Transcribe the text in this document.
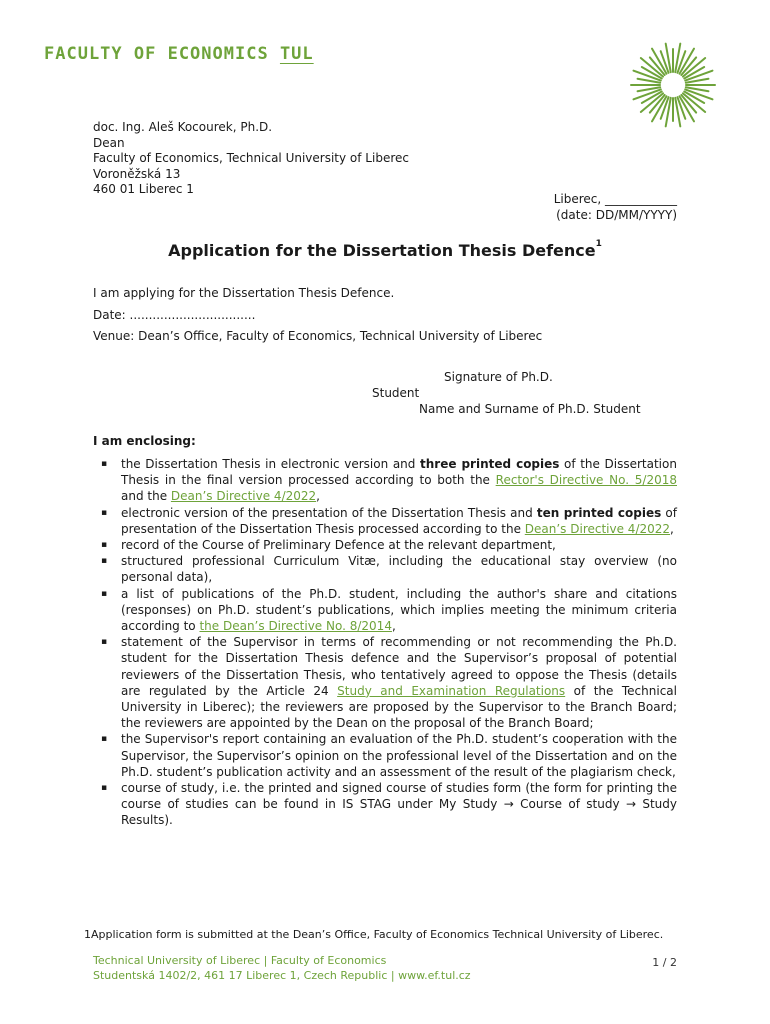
FACULTY OF ECONOMICS TUL
doc. Ing. Aleš Kocourek, Ph.D.
Dean
Faculty of Economics, Technical University of Liberec
Voroněžská 13
460 01 Liberec 1
Liberec, ____________
(date: DD/MM/YYYY)
Application for the Dissertation Thesis Defence$^1$
I am applying for the Dissertation Thesis Defence.
Date: .................................
Venue: Dean’s Office, Faculty of Economics, Technical University of Liberec
Signature of Ph.D.
Student
Name and Surname of Ph.D. Student
I am enclosing:
▪ the Dissertation Thesis in electronic version and three printed copies of the Dissertation Thesis in the final version processed according to both the Rector's Directive No. 5/2018 and the Dean’s Directive 4/2022,
▪ electronic version of the presentation of the Dissertation Thesis and ten printed copies of presentation of the Dissertation Thesis processed according to the Dean’s Directive 4/2022,
▪ record of the Course of Preliminary Defence at the relevant department,
▪ structured professional Curriculum Vitæ, including the educational stay overview (no personal data),
▪ a list of publications of the Ph.D. student, including the author's share and citations (responses) on Ph.D. student’s publications, which implies meeting the minimum criteria according to the Dean’s Directive No. 8/2014,
▪ statement of the Supervisor in terms of recommending or not recommending the Ph.D. student for the Dissertation Thesis defence and the Supervisor’s proposal of potential reviewers of the Dissertation Thesis, who tentatively agreed to oppose the Thesis (details are regulated by the Article 24 Study and Examination Regulations of the Technical University in Liberec); the reviewers are proposed by the Supervisor to the Branch Board; the reviewers are appointed by the Dean on the proposal of the Branch Board;
▪ the Supervisor's report containing an evaluation of the Ph.D. student’s cooperation with the Supervisor, the Supervisor’s opinion on the professional level of the Dissertation and on the Ph.D. student’s publication activity and an assessment of the result of the plagiarism check,
▪ course of study, i.e. the printed and signed course of studies form (the form for printing the course of studies can be found in IS STAG under My Study → Course of study → Study Results).
1Application form is submitted at the Dean’s Office, Faculty of Economics Technical University of Liberec.
Technical University of Liberec | Faculty of Economics
Studentská 1402/2, 461 17 Liberec 1, Czech Republic | www.ef.tul.cz
1 / 2
